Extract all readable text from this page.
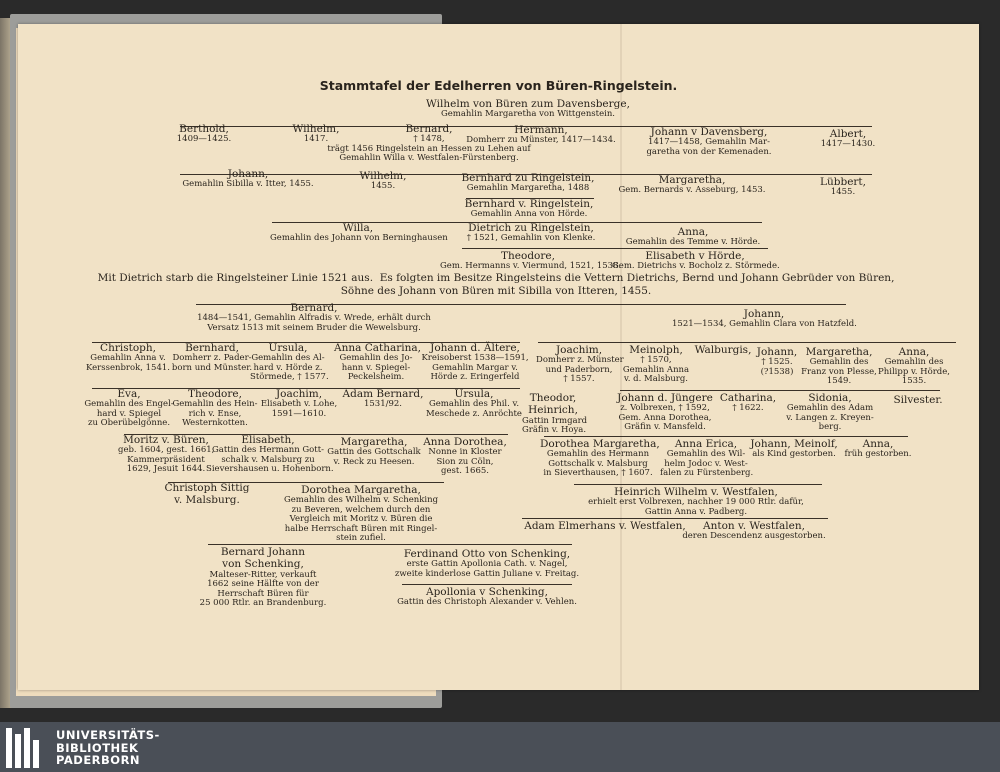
Stammtafel der Edelherren von Büren-Ringelstein.
Wilhelm von Büren zum Davensberge,
Gemahlin Margaretha von Wittgenstein.
Berthold,
1409—1425.
Wilhelm,
1417.
Bernard,
† 1478,
trägt 1456 Ringelstein an Hessen zu Lehen auf
Gemahlin Willa v. Westfalen-Fürstenberg.
Hermann,
Domherr zu Münster, 1417—1434.
Johann v Davensberg,
1417—1458, Gemahlin Mar-
garetha von der Kemenaden.
Albert,
1417—1430.
Johann,
Gemahlin Sibilla v. Itter, 1455.
Wilhelm,
1455.
Bernhard zu Ringelstein,
Gemahlin Margaretha, 1488
Margaretha,
Gem. Bernards v. Asseburg, 1453.
Lübbert,
1455.
Bernhard v. Ringelstein,
Gemahlin Anna von Hörde.
Willa,
Gemahlin des Johann von Berninghausen
Dietrich zu Ringelstein,
† 1521, Gemahlin von Klenke.
Anna,
Gemahlin des Temme v. Hörde.
Theodore,
Gem. Hermanns v. Viermund, 1521, 1538.
Elisabeth v Hörde,
Gem. Dietrichs v. Bocholz z. Störmede.
Mit Dietrich starb die Ringelsteiner Linie 1521 aus.  Es folgten im Besitze Ringelsteins die Vettern Dietrichs, Bernd und Johann Gebrüder von Büren,
Söhne des Johann von Büren mit Sibilla von Itteren, 1455.
Bernard,
1484—1541, Gemahlin Alfradis v. Wrede, erhält durch
Versatz 1513 mit seinem Bruder die Wewelsburg.
Johann,
1521—1534, Gemahlin Clara von Hatzfeld.
Christoph,
Gemahlin Anna v.
Kerssenbrok, 1541.
Bernhard,
Domherr z. Pader-
born und Münster.
Ursula,
Gemahlin des Al-
hard v. Hörde z.
Störmede, † 1577.
Anna Catharina,
Gemahlin des Jo-
hann v. Spiegel-
Peckelsheim.
Johann d. Ältere,
Kreisoberst 1538—1591,
Gemahlin Margar v.
Hörde z. Eringerfeld
Joachim,
Domherr z. Münster
und Paderborn,
† 1557.
Meinolph,
† 1570,
Gemahlin Anna
v. d. Malsburg.
Walburgis, Johann,
† 1525.
(?1538)
Margaretha,
Gemahlin des
Franz von Plesse,
1549.
Anna,
Gemahlin des
Philipp v. Hörde,
1535.
Eva,
Gemahlin des Engel-
hard v. Spiegel
zu Oberübelgönne.
Theodore,
Gemahlin des Hein-
rich v. Ense,
Westernkotten.
Joachim,
Elisabeth v. Lohe,
1591—1610.
Adam Bernard,
1531/92.
Ursula,
Gemahlin des Phil. v.
Meschede z. Anröchte
Theodor,
Heinrich,
Gattin Irmgard
Gräfin v. Hoya.
Johann d. Jüngere
z. Volbrexen, † 1592,
Gem. Anna Dorothea,
Gräfin v. Mansfeld.
Catharina,
† 1622.
Sidonia,
Gemahlin des Adam
v. Langen z. Kreyen-
berg.
Silvester.
Moritz v. Büren,
geb. 1604, gest. 1661,
Kammerpräsident
1629, Jesuit 1644.
Elisabeth,
Gattin des Hermann Gott-
schalk v. Malsburg zu
Sievershausen u. Hohenborn.
Margaretha,
Gattin des Gottschalk
v. Reck zu Heesen.
Anna Dorothea,
Nonne in Kloster
Sion zu Cöln,
gest. 1665.
Dorothea Margaretha,
Gemahlin des Hermann
Gottschalk v. Malsburg
in Sieverthausen, † 1607.
Anna Erica,
Gemahlin des Wil-
helm Jodoc v. West-
falen zu Fürstenberg.
Johann, Meinolf,
als Kind gestorben.
Anna,
früh gestorben.
Christoph Sittig
v. Malsburg.
Dorothea Margaretha,
Gemahlin des Wilhelm v. Schenking
zu Beveren, welchem durch den
Vergleich mit Moritz v. Büren die
halbe Herrschaft Büren mit Ringel-
stein zufiel.
Heinrich Wilhelm v. Westfalen,
erhielt erst Volbrexen, nachher 19 000 Rtlr. dafür,
Gattin Anna v. Padberg.
Adam Elmerhans v. Westfalen,	Anton v. Westfalen,
deren Descendenz ausgestorben.
Bernard Johann
von Schenking,
Malteser-Ritter, verkauft
1662 seine Hälfte von der
Herrschaft Büren für
25 000 Rtlr. an Brandenburg.
Ferdinand Otto von Schenking,
erste Gattin Apollonia Cath. v. Nagel,
zweite kinderlose Gattin Juliane v. Freitag.
Apollonia v Schenking,
Gattin des Christoph Alexander v. Vehlen.
UNIVERSITÄTS-
BIBLIOTHEK
PADERBORN
